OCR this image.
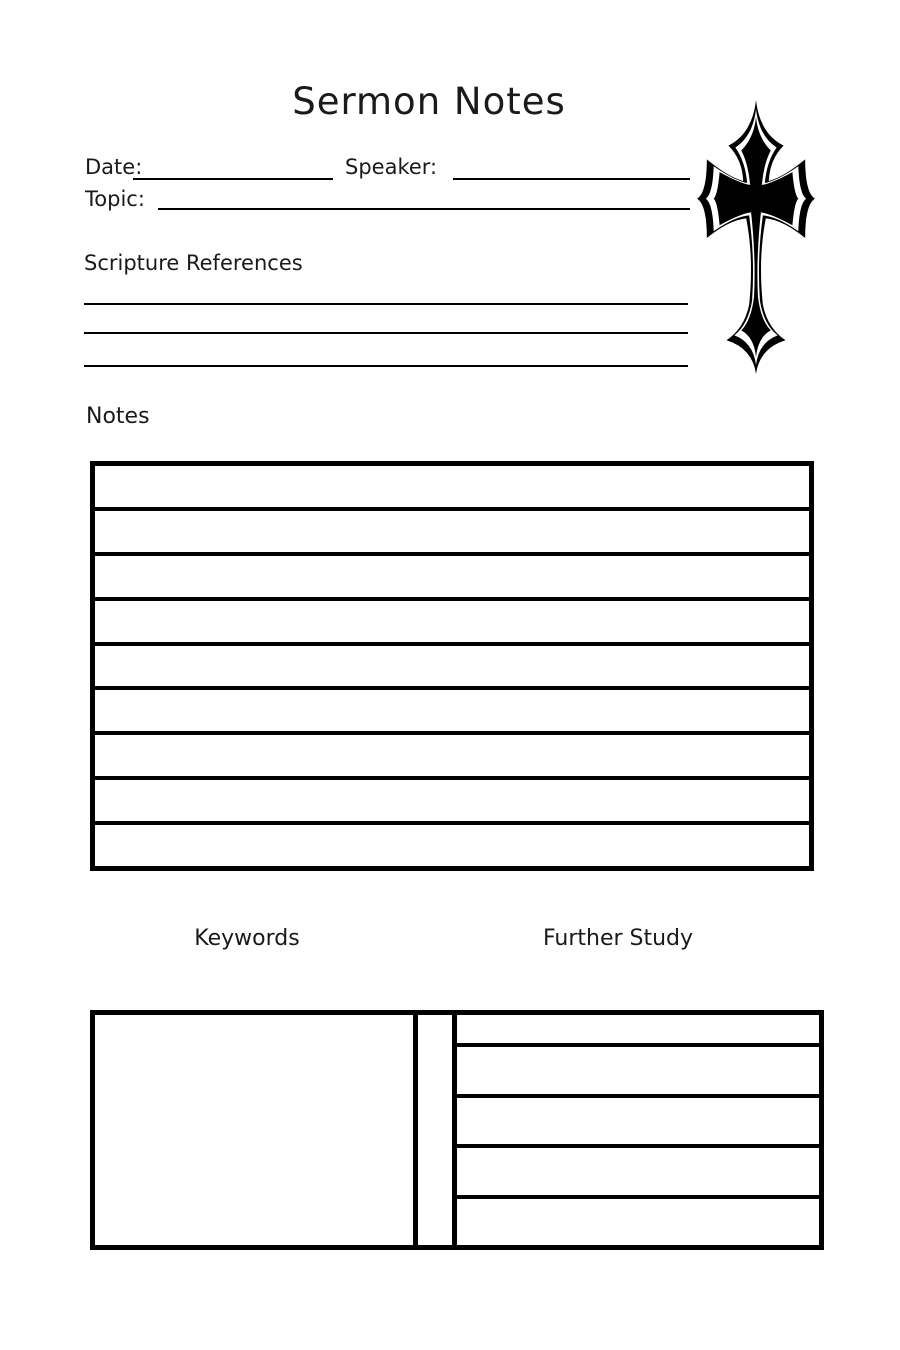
Sermon Notes
Date:	Speaker:
Topic:
Scripture References
Notes
Keywords	Further Study
